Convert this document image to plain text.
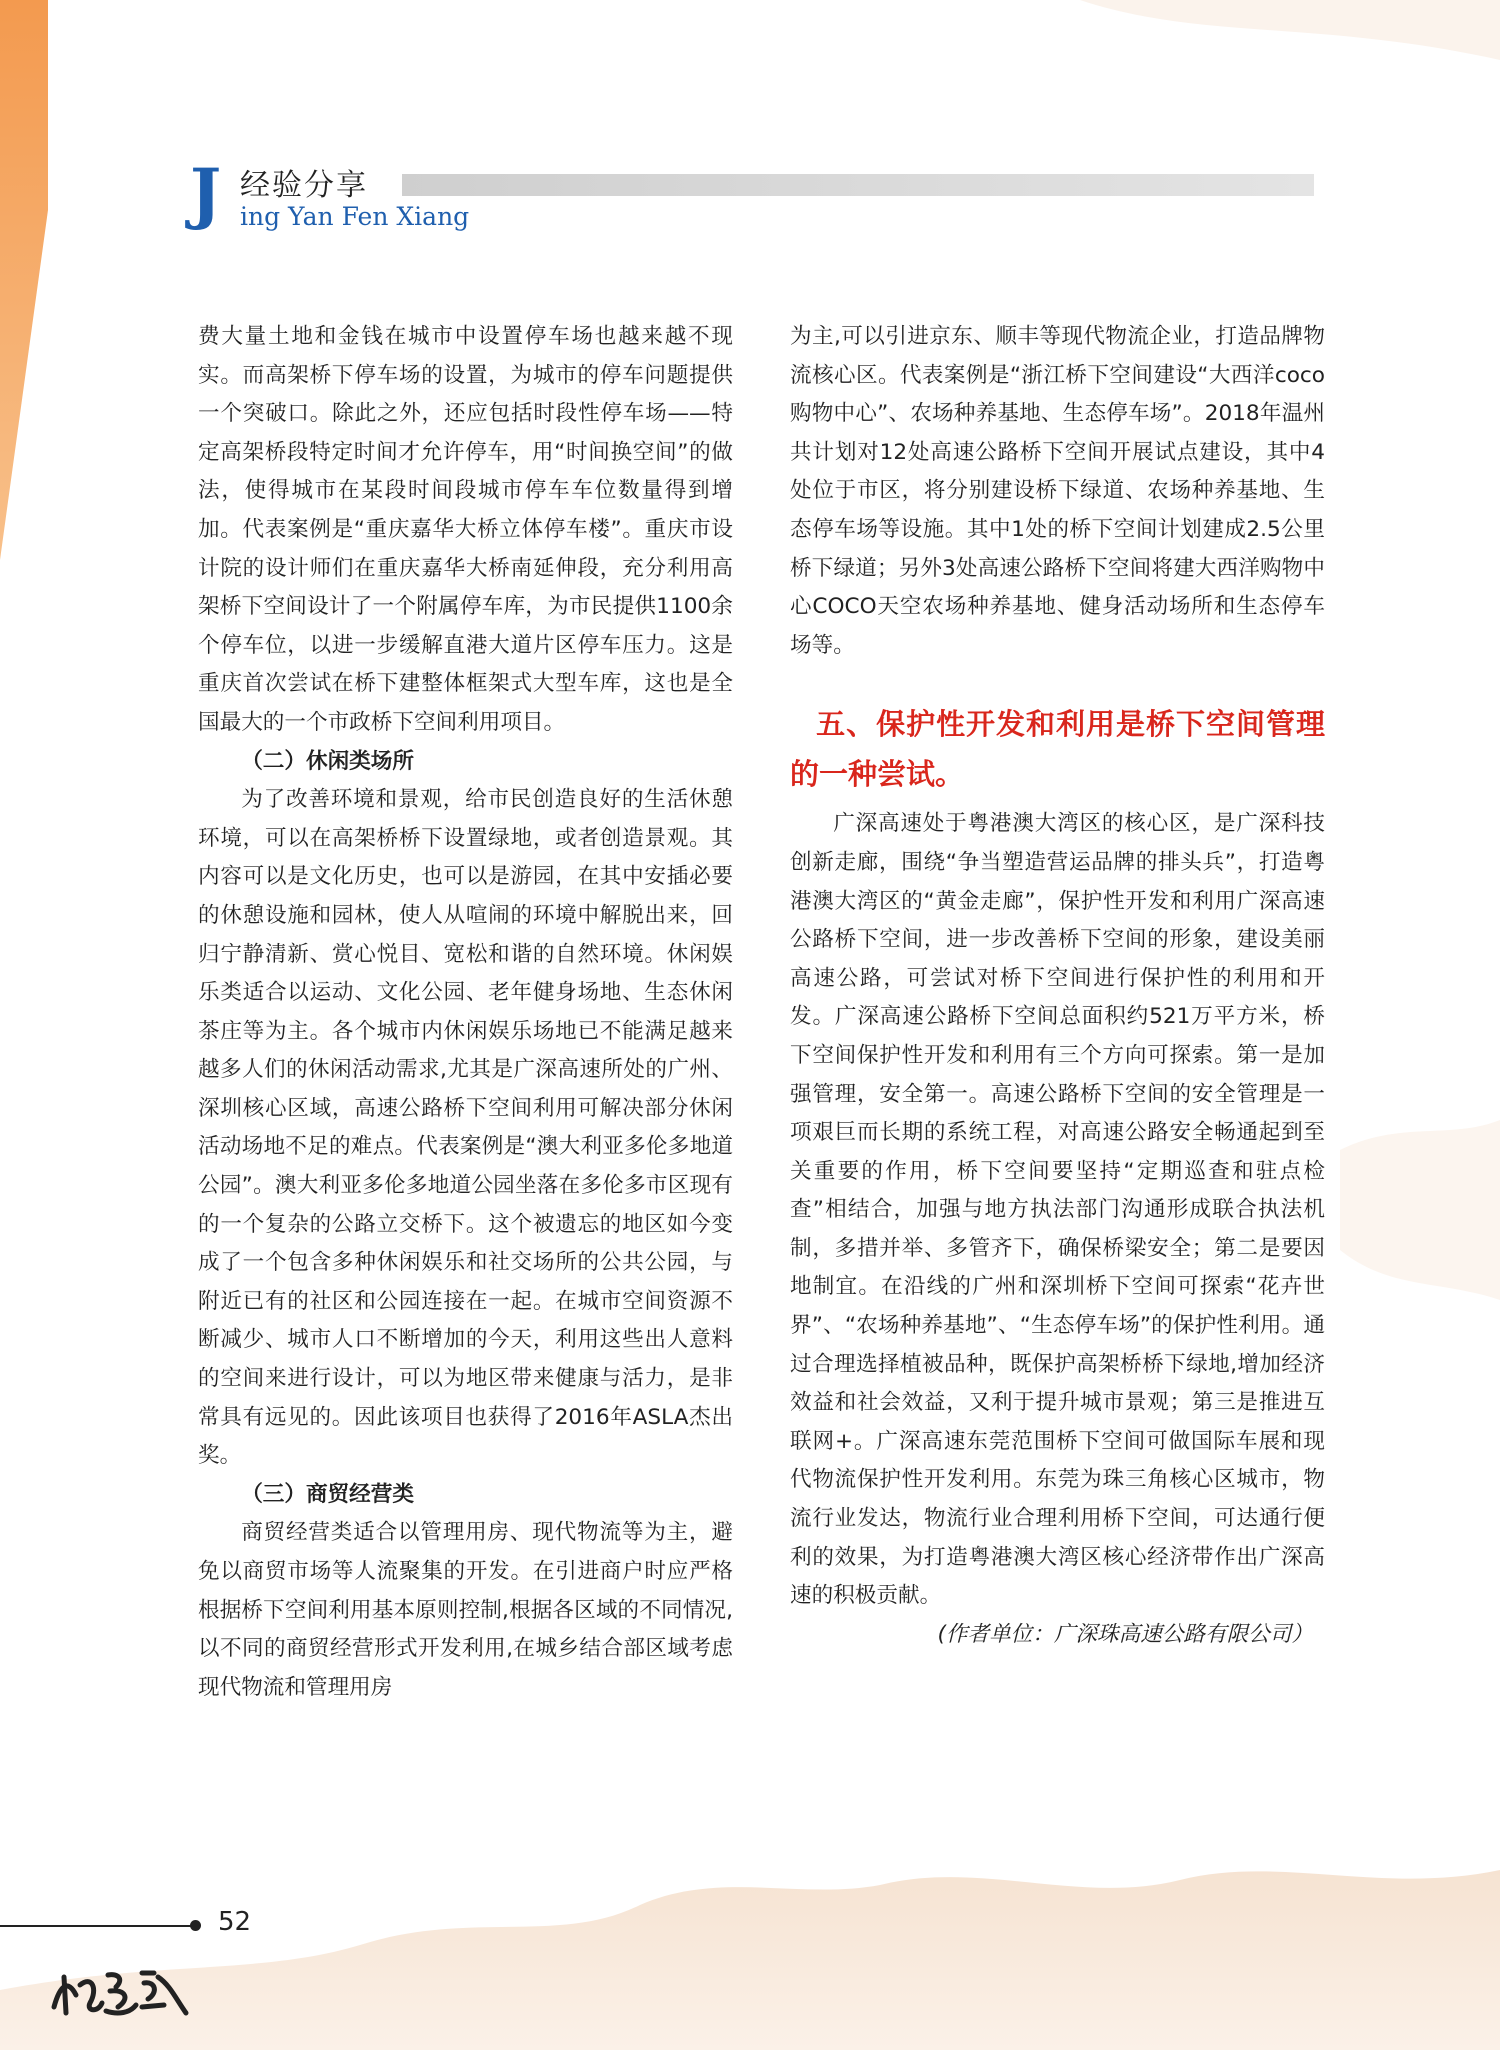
J 经验分享
ing Yan Fen Xiang

费大量土地和金钱在城市中设置停车场也越来越不现实。而高架桥下停车场的设置，为城市的停车问题提供一个突破口。除此之外，还应包括时段性停车场——特定高架桥段特定时间才允许停车，用“时间换空间”的做法，使得城市在某段时间段城市停车车位数量得到增加。代表案例是“重庆嘉华大桥立体停车楼”。重庆市设计院的设计师们在重庆嘉华大桥南延伸段，充分利用高架桥下空间设计了一个附属停车库，为市民提供1100余个停车位，以进一步缓解直港大道片区停车压力。这是重庆首次尝试在桥下建整体框架式大型车库，这也是全国最大的一个市政桥下空间利用项目。

（二）休闲类场所

为了改善环境和景观，给市民创造良好的生活休憩环境，可以在高架桥桥下设置绿地，或者创造景观。其内容可以是文化历史，也可以是游园，在其中安插必要的休憩设施和园林，使人从喧闹的环境中解脱出来，回归宁静清新、赏心悦目、宽松和谐的自然环境。休闲娱乐类适合以运动、文化公园、老年健身场地、生态休闲茶庄等为主。各个城市内休闲娱乐场地已不能满足越来越多人们的休闲活动需求,尤其是广深高速所处的广州、深圳核心区域，高速公路桥下空间利用可解决部分休闲活动场地不足的难点。代表案例是“澳大利亚多伦多地道公园”。澳大利亚多伦多地道公园坐落在多伦多市区现有的一个复杂的公路立交桥下。这个被遗忘的地区如今变成了一个包含多种休闲娱乐和社交场所的公共公园，与附近已有的社区和公园连接在一起。在城市空间资源不断减少、城市人口不断增加的今天，利用这些出人意料的空间来进行设计，可以为地区带来健康与活力，是非常具有远见的。因此该项目也获得了2016年ASLA杰出奖。

（三）商贸经营类

商贸经营类适合以管理用房、现代物流等为主，避免以商贸市场等人流聚集的开发。在引进商户时应严格根据桥下空间利用基本原则控制,根据各区域的不同情况,以不同的商贸经营形式开发利用,在城乡结合部区域考虑现代物流和管理用房

为主,可以引进京东、顺丰等现代物流企业，打造品牌物流核心区。代表案例是“浙江桥下空间建设“大西洋coco购物中心”、农场种养基地、生态停车场”。2018年温州共计划对12处高速公路桥下空间开展试点建设，其中4处位于市区，将分别建设桥下绿道、农场种养基地、生态停车场等设施。其中1处的桥下空间计划建成2.5公里桥下绿道；另外3处高速公路桥下空间将建大西洋购物中心COCO天空农场种养基地、健身活动场所和生态停车场等。

五、保护性开发和利用是桥下空间管理的一种尝试。

广深高速处于粤港澳大湾区的核心区，是广深科技创新走廊，围绕“争当塑造营运品牌的排头兵”，打造粤港澳大湾区的“黄金走廊”，保护性开发和利用广深高速公路桥下空间，进一步改善桥下空间的形象，建设美丽高速公路，可尝试对桥下空间进行保护性的利用和开发。广深高速公路桥下空间总面积约521万平方米，桥下空间保护性开发和利用有三个方向可探索。第一是加强管理，安全第一。高速公路桥下空间的安全管理是一项艰巨而长期的系统工程，对高速公路安全畅通起到至关重要的作用，桥下空间要坚持“定期巡查和驻点检查”相结合，加强与地方执法部门沟通形成联合执法机制，多措并举、多管齐下，确保桥梁安全；第二是要因地制宜。在沿线的广州和深圳桥下空间可探索“花卉世界”、“农场种养基地”、“生态停车场”的保护性利用。通过合理选择植被品种，既保护高架桥桥下绿地,增加经济效益和社会效益，又利于提升城市景观；第三是推进互联网+。广深高速东莞范围桥下空间可做国际车展和现代物流保护性开发利用。东莞为珠三角核心区城市，物流行业发达，物流行业合理利用桥下空间，可达通行便利的效果，为打造粤港澳大湾区核心经济带作出广深高速的积极贡献。

(作者单位：广深珠高速公路有限公司）

52
